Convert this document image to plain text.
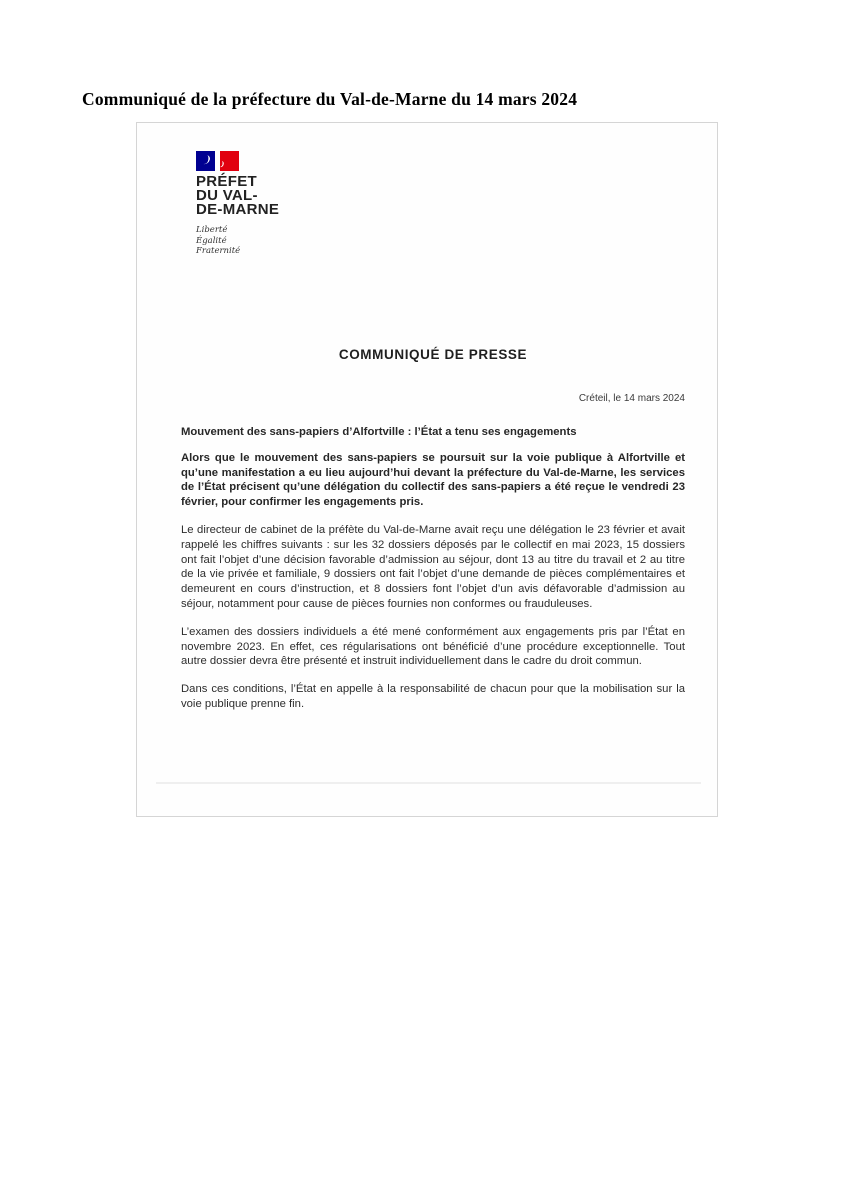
Communiqué de la préfecture du Val-de-Marne du 14 mars 2024
PRÉFET
DU VAL-
DE-MARNE
Liberté
Égalité
Fraternité
COMMUNIQUÉ DE PRESSE
Créteil, le 14 mars 2024
Mouvement des sans-papiers d’Alfortville : l’État a tenu ses engagements

Alors que le mouvement des sans-papiers se poursuit sur la voie publique à Alfortville et qu’une manifestation a eu lieu aujourd’hui devant la préfecture du Val-de-Marne, les services de l’État précisent qu’une délégation du collectif des sans-papiers a été reçue le vendredi 23 février, pour confirmer les engagements pris.

Le directeur de cabinet de la préfète du Val-de-Marne avait reçu une délégation le 23 février et avait rappelé les chiffres suivants : sur les 32 dossiers déposés par le collectif en mai 2023, 15 dossiers ont fait l’objet d’une décision favorable d’admission au séjour, dont 13 au titre du travail et 2 au titre de la vie privée et familiale, 9 dossiers ont fait l’objet d’une demande de pièces complémentaires et demeurent en cours d’instruction, et 8 dossiers font l’objet d’un avis défavorable d’admission au séjour, notamment pour cause de pièces fournies non conformes ou frauduleuses.

L’examen des dossiers individuels a été mené conformément aux engagements pris par l’État en novembre 2023. En effet, ces régularisations ont bénéficié d’une procédure exceptionnelle. Tout autre dossier devra être présenté et instruit individuellement dans le cadre du droit commun.

Dans ces conditions, l’État en appelle à la responsabilité de chacun pour que la mobilisation sur la voie publique prenne fin.
